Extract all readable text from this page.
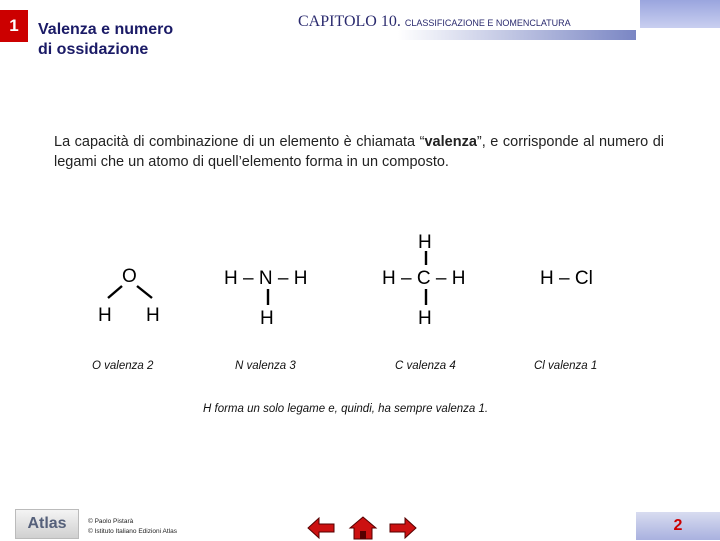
1	Valenza e numero
di ossidazione
CAPITOLO 10. CLASSIFICAZIONE E NOMENCLATURA
La capacità di combinazione di un elemento è chiamata “valenza”, e corrisponde al numero di legami che un atomo di quell’elemento forma in un composto.
O
H H
O valenza 2
H – N – H
H
N valenza 3
H
H – C – H
H
C valenza 4
H – Cl
Cl valenza 1
H forma un solo legame e, quindi, ha sempre valenza 1.
Atlas	© Paolo Pistarà
© Istituto Italiano Edizioni Atlas	2
